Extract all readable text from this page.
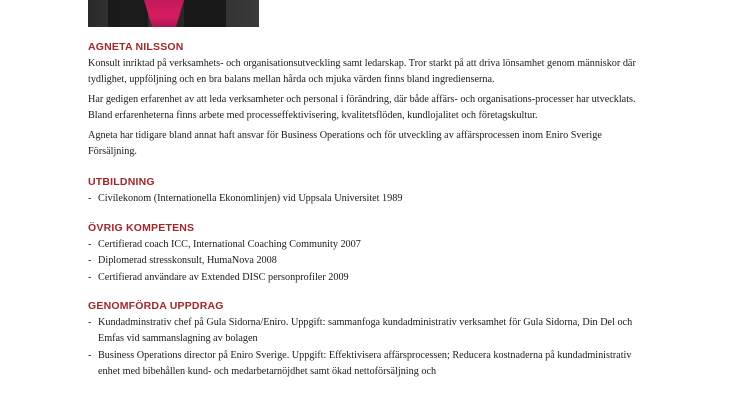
AGNETA NILSSON

Konsult inriktad på verksamhets- och organisationsutveckling samt ledarskap. Tror starkt på att driva lönsamhet genom människor där tydlighet, uppföljning och en bra balans mellan hårda och mjuka värden finns bland ingredienserna.

Har gedigen erfarenhet av att leda verksamheter och personal i förändring, där både affärs- och organisations-processer har utvecklats. Bland erfarenheterna finns arbete med processeffektivisering, kvalitetsflöden, kundlojalitet och företagskultur.

Agneta har tidigare bland annat haft ansvar för Business Operations och för utveckling av affärsprocessen inom Eniro Sverige Försäljning.

UTBILDNING
- Civilekonom (Internationella Ekonomlinjen) vid Uppsala Universitet 1989
ÖVRIG KOMPETENS
- Certifierad coach ICC, International Coaching Community 2007
- Diplomerad stresskonsult, HumaNova 2008
- Certifierad användare av Extended DISC personprofiler 2009
GENOMFÖRDA UPPDRAG
- Kundadminstrativ chef på Gula Sidorna/Eniro. Uppgift: sammanfoga kundadministrativ verksamhet för Gula Sidorna, Din Del och Emfas vid sammanslagning av bolagen
- Business Operations director på Eniro Sverige. Uppgift: Effektivisera affärsprocessen; Reducera kostnaderna på kundadministrativ enhet med bibehållen kund- och medarbetarnöjdhet samt ökad nettoförsäljning och
